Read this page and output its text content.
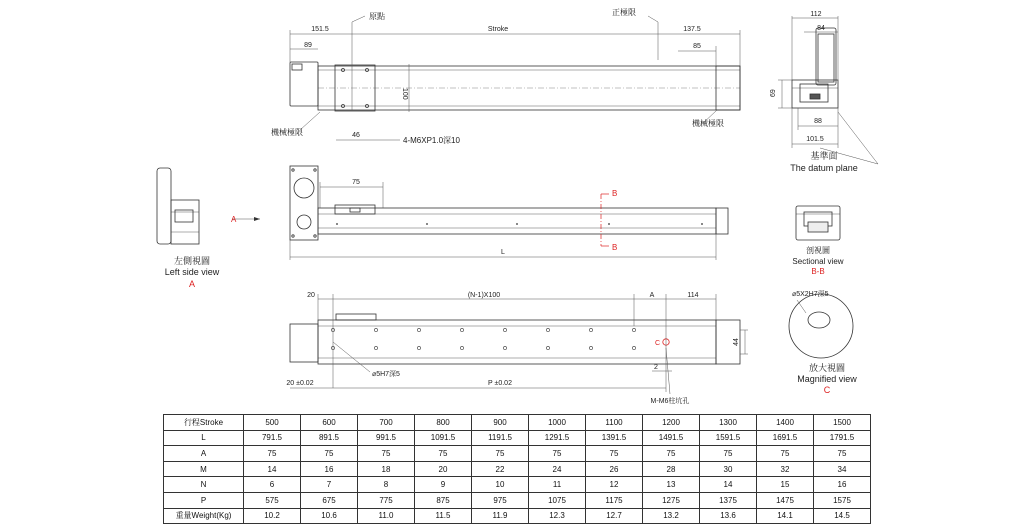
原點	正極限
Stroke
151.5
89
137.5
85
100
46
機械極限
機械極限
4-M6XP1.0深10
112
84
69
88
101.5
基準面
The datum plane
A
左側視圖
Left side view
A
75
L
B
B	剖視圖
Sectional view
B-B
20	(N-1)X100	A	114
44
C
⌀5H7深5
2
20 ±0.02	P ±0.02
M-M6柱坑孔
⌀5X2H7深5
放大視圖
Magnified view
C
行程Stroke	500	600	700	800	900	1000	1100	1200	1300	1400	1500
L	791.5	891.5	991.5	1091.5	1191.5	1291.5	1391.5	1491.5	1591.5	1691.5	1791.5
A	75	75	75	75	75	75	75	75	75	75	75
M	14	16	18	20	22	24	26	28	30	32	34
N	6	7	8	9	10	11	12	13	14	15	16
P	575	675	775	875	975	1075	1175	1275	1375	1475	1575
重量Weight(Kg)	10.2	10.6	11.0	11.5	11.9	12.3	12.7	13.2	13.6	14.1	14.5
